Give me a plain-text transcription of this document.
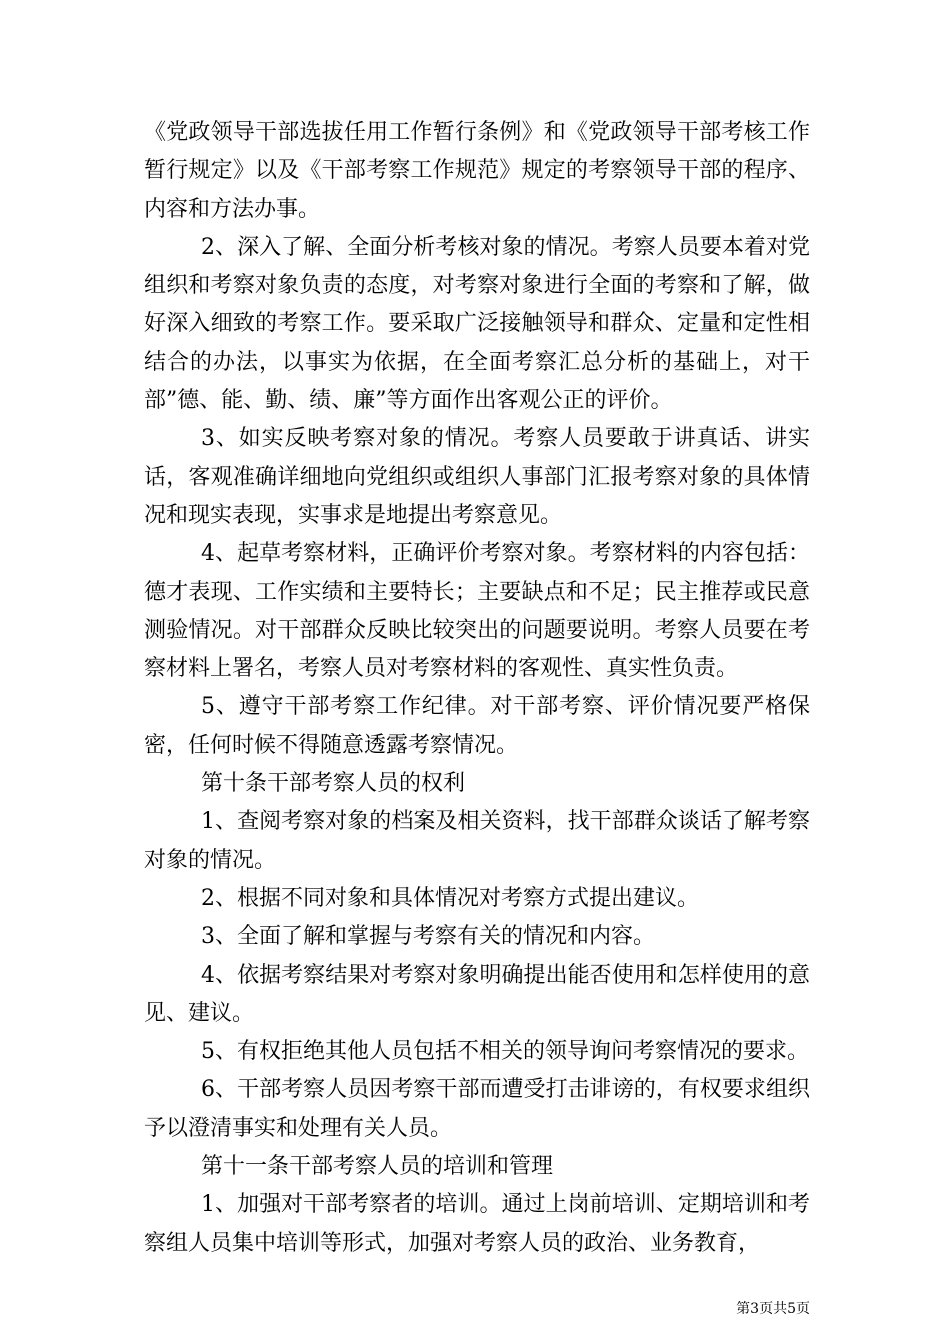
《党政领导干部选拔任用工作暂行条例》和《党政领导干部考核工作暂行规定》以及《干部考察工作规范》规定的考察领导干部的程序、内容和方法办事。

2、深入了解、全面分析考核对象的情况。考察人员要本着对党组织和考察对象负责的态度，对考察对象进行全面的考察和了解，做好深入细致的考察工作。要采取广泛接触领导和群众、定量和定性相结合的办法，以事实为依据，在全面考察汇总分析的基础上，对干部”德、能、勤、绩、廉”等方面作出客观公正的评价。

3、如实反映考察对象的情况。考察人员要敢于讲真话、讲实话，客观准确详细地向党组织或组织人事部门汇报考察对象的具体情况和现实表现，实事求是地提出考察意见。

4、起草考察材料，正确评价考察对象。考察材料的内容包括：德才表现、工作实绩和主要特长；主要缺点和不足；民主推荐或民意测验情况。对干部群众反映比较突出的问题要说明。考察人员要在考察材料上署名，考察人员对考察材料的客观性、真实性负责。

5、遵守干部考察工作纪律。对干部考察、评价情况要严格保密，任何时候不得随意透露考察情况。

第十条干部考察人员的权利

1、查阅考察对象的档案及相关资料，找干部群众谈话了解考察对象的情况。

2、根据不同对象和具体情况对考察方式提出建议。

3、全面了解和掌握与考察有关的情况和内容。

4、依据考察结果对考察对象明确提出能否使用和怎样使用的意见、建议。

5、有权拒绝其他人员包括不相关的领导询问考察情况的要求。

6、干部考察人员因考察干部而遭受打击诽谤的，有权要求组织予以澄清事实和处理有关人员。

第十一条干部考察人员的培训和管理

1、加强对干部考察者的培训。通过上岗前培训、定期培训和考察组人员集中培训等形式，加强对考察人员的政治、业务教育，

第3页共5页
